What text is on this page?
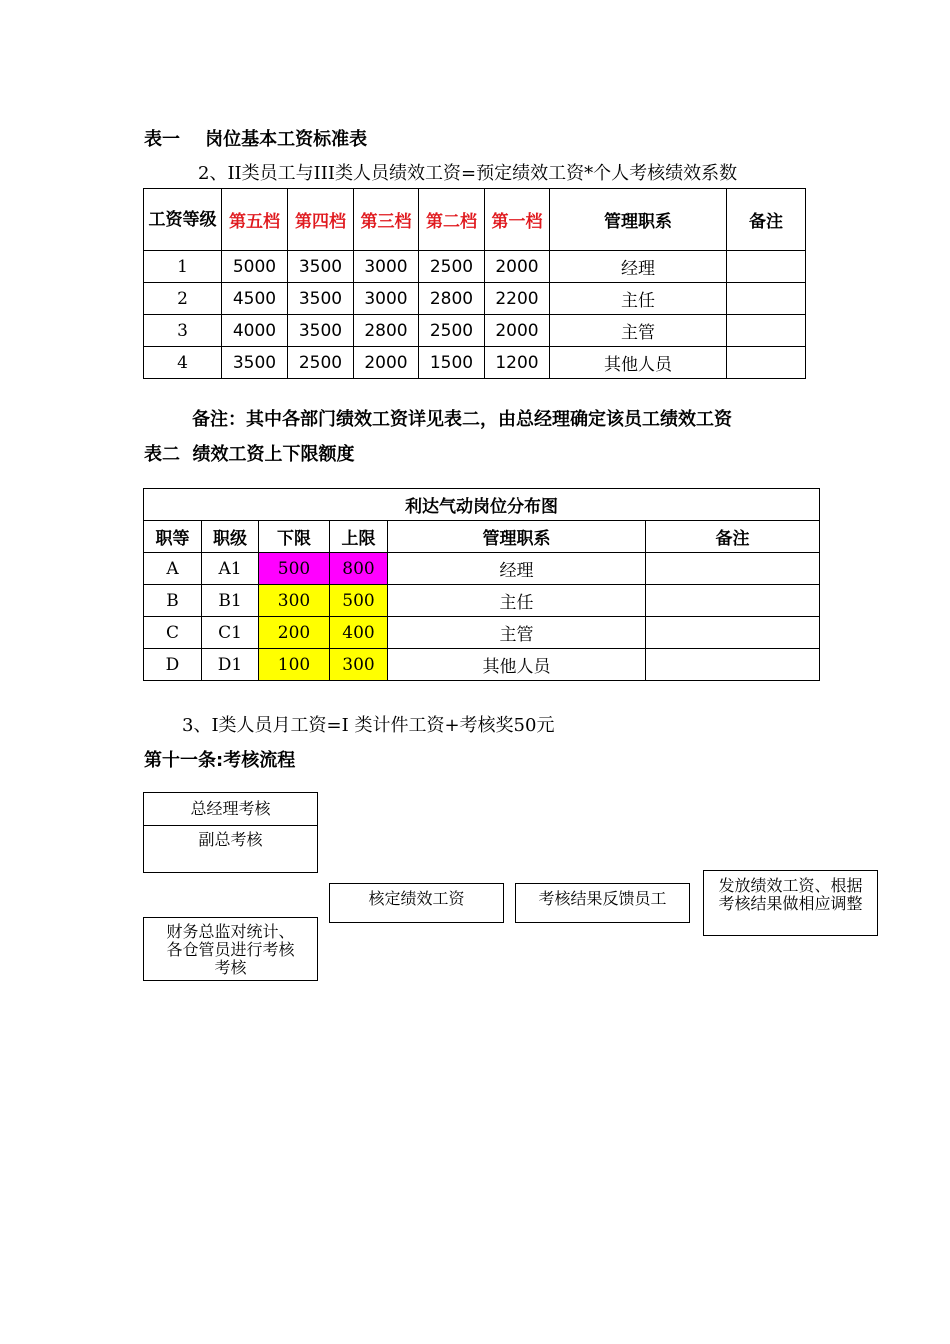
表一    岗位基本工资标准表
2、II类员工与III类人员绩效工资=预定绩效工资*个人考核绩效系数
工资等级	第五档	第四档	第三档	第二档	第一档	管理职系	备注
1	5000	3500	3000	2500	2000	经理	
2	4500	3500	3000	2800	2200	主任	
3	4000	3500	2800	2500	2000	主管	
4	3500	2500	2000	1500	1200	其他人员	
备注：其中各部门绩效工资详见表二，由总经理确定该员工绩效工资
表二  绩效工资上下限额度
利达气动岗位分布图					
职等	职级	下限	上限	管理职系	备注
A	A1	500	800	经理	
B	B1	300	500	主任	
C	C1	200	400	主管	
D	D1	100	300	其他人员	
3、I类人员月工资=Ⅰ 类计件工资+考核奖50元
第十一条:考核流程
总经理考核
副总考核
财务总监对统计、各仓管员进行考核考核
核定绩效工资	考核结果反馈员工
发放绩效工资、根据考核结果做相应调整
